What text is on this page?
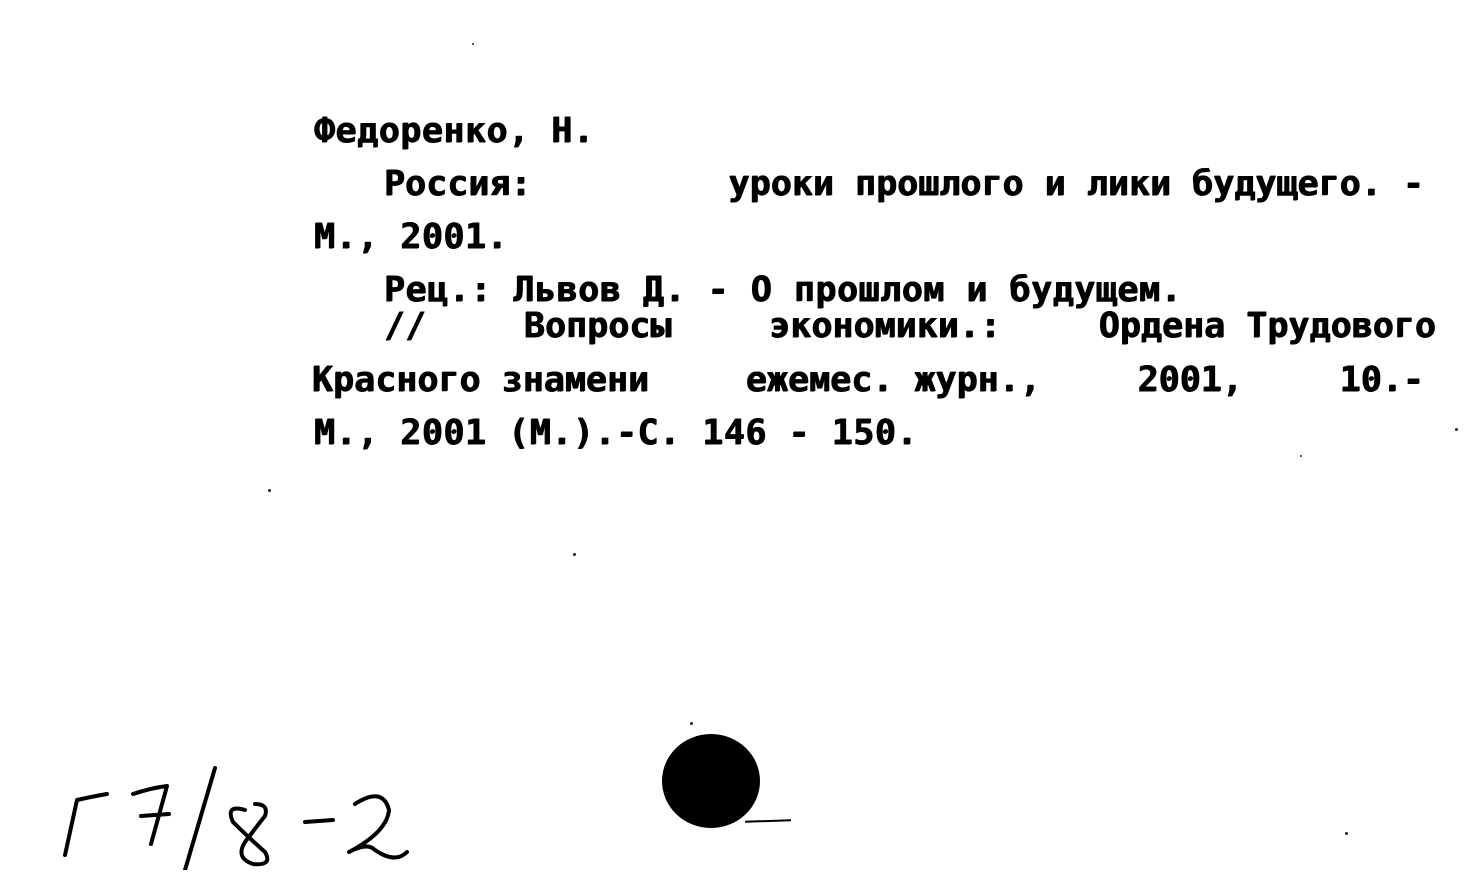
Федоренко, Н.
Россия:	уроки прошлого и лики будущего. -
М., 2001.
Рец.: Львов Д. - О прошлом и будущем.
//	Вопросы	экономики.:	Ордена Трудового
Красного знамени	ежемес. журн.,	2001,	10.-
М., 2001 (М.).-С. 146 - 150.
